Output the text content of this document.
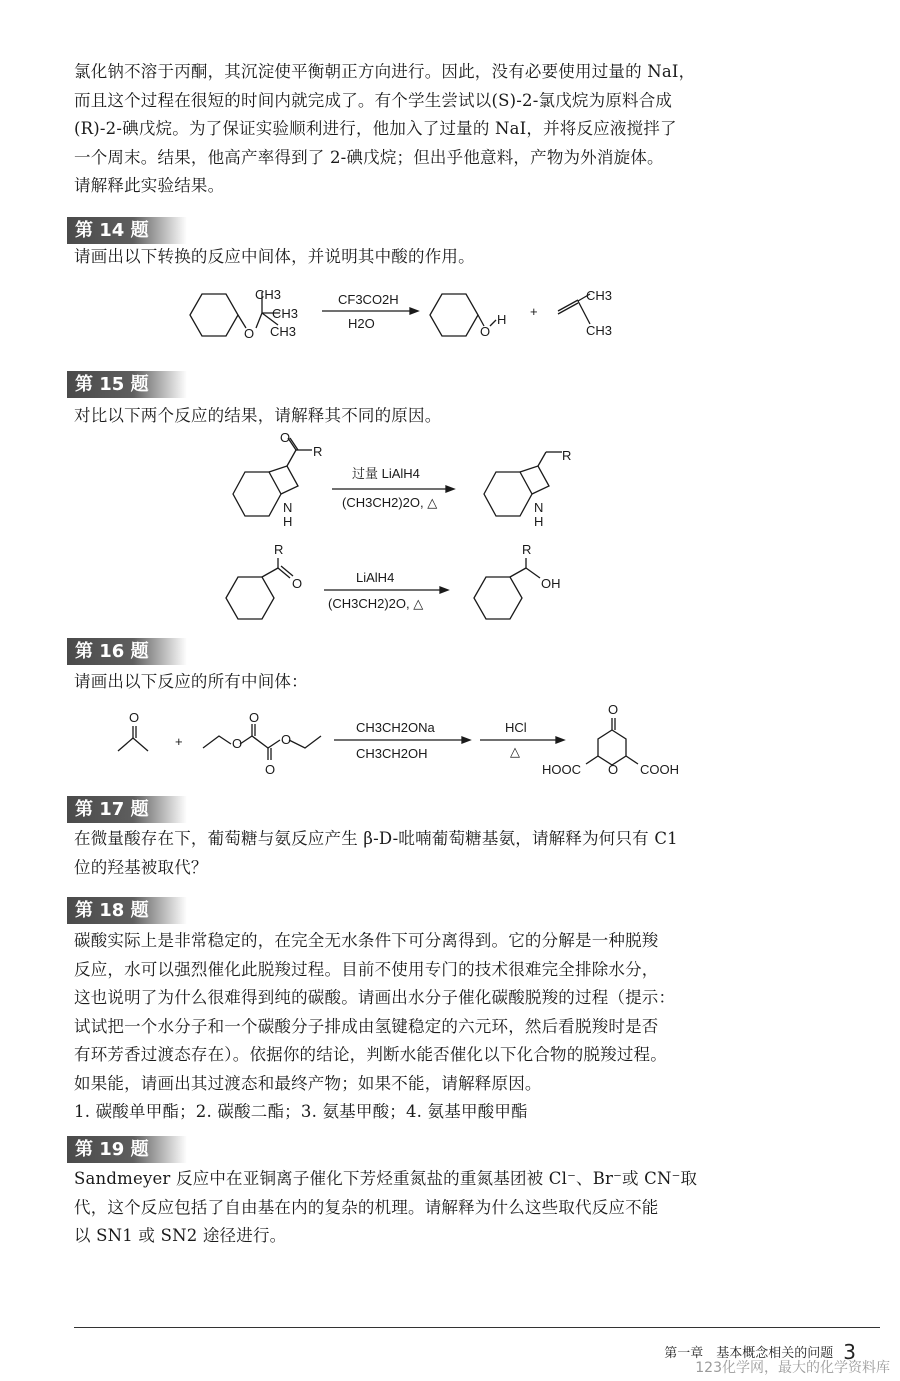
氯化钠不溶于丙酮，其沉淀使平衡朝正方向进行。因此，没有必要使用过量的 NaI，

而且这个过程在很短的时间内就完成了。有个学生尝试以(S)-2-氯戊烷为原料合成

(R)-2-碘戊烷。为了保证实验顺利进行，他加入了过量的 NaI，并将反应液搅拌了

一个周末。结果，他高产率得到了 2-碘戊烷；但出乎他意料，产物为外消旋体。

请解释此实验结果。

第 14 题

请画出以下转换的反应中间体，并说明其中酸的作用。

CH3
CH3
CH3
O
CF3CO2H
H2O
O
H
+
CH3
CH3
第 15 题

对比以下两个反应的结果，请解释其不同的原因。

O
R
N
H
过量 LiAlH4
(CH3CH2)2O, △
R
N
H
R
O	LiAlH4
(CH3CH2)2O, △
R
OH
第 16 题

请画出以下反应的所有中间体：

O
+	O
O
O
O
CH3CH2ONa
CH3CH2OH
HCl
△
O
O
HOOC	COOH
第 17 题

在微量酸存在下，葡萄糖与氨反应产生 β-D-吡喃葡萄糖基氨，请解释为何只有 C1

位的羟基被取代？

第 18 题

碳酸实际上是非常稳定的，在完全无水条件下可分离得到。它的分解是一种脱羧

反应，水可以强烈催化此脱羧过程。目前不使用专门的技术很难完全排除水分，

这也说明了为什么很难得到纯的碳酸。请画出水分子催化碳酸脱羧的过程（提示：

试试把一个水分子和一个碳酸分子排成由氢键稳定的六元环，然后看脱羧时是否

有环芳香过渡态存在）。依据你的结论，判断水能否催化以下化合物的脱羧过程。

如果能，请画出其过渡态和最终产物；如果不能，请解释原因。

1. 碳酸单甲酯；2. 碳酸二酯；3. 氨基甲酸；4. 氨基甲酸甲酯

第 19 题

Sandmeyer 反应中在亚铜离子催化下芳烃重氮盐的重氮基团被 Cl⁻、Br⁻或 CN⁻取

代，这个反应包括了自由基在内的复杂的机理。请解释为什么这些取代反应不能

以 SN1 或 SN2 途径进行。

第一章　基本概念相关的问题 3
123化学网，最大的化学资料库
